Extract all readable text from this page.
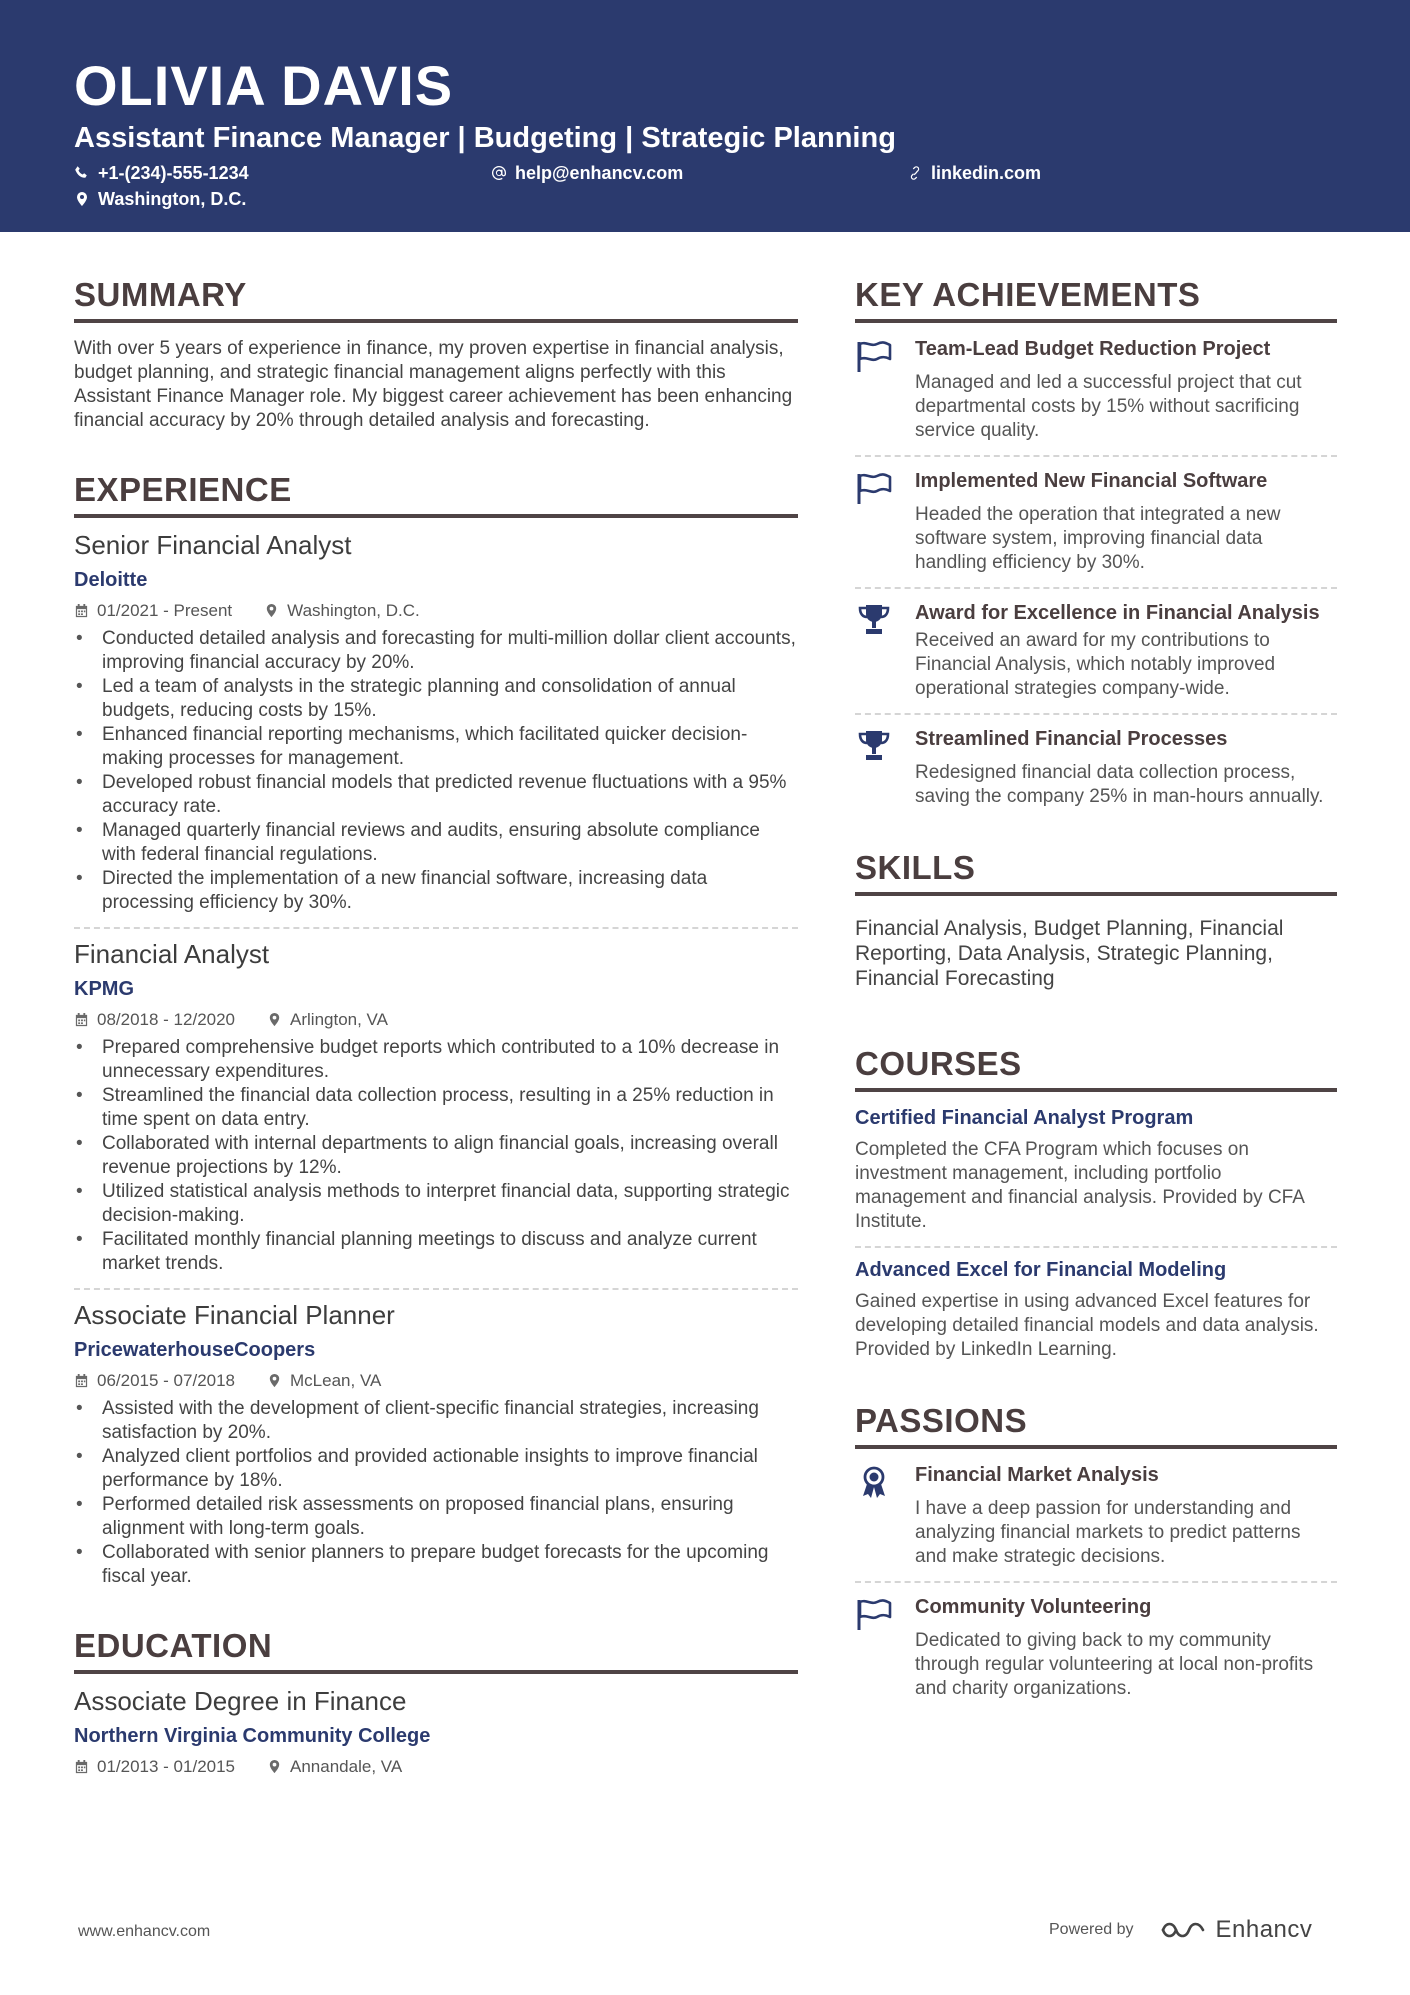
OLIVIA DAVIS
Assistant Finance Manager | Budgeting | Strategic Planning
+1-(234)-555-1234	help@enhancv.com	linkedin.com
Washington, D.C.
SUMMARY

With over 5 years of experience in finance, my proven expertise in financial analysis, budget planning, and strategic financial management aligns perfectly with this Assistant Finance Manager role. My biggest career achievement has been enhancing financial accuracy by 20% through detailed analysis and forecasting.

EXPERIENCE
Senior Financial Analyst
Deloitte
01/2021 - Present	Washington, D.C.
• Conducted detailed analysis and forecasting for multi-million dollar client accounts, improving financial accuracy by 20%.
• Led a team of analysts in the strategic planning and consolidation of annual budgets, reducing costs by 15%.
• Enhanced financial reporting mechanisms, which facilitated quicker decision-making processes for management.
• Developed robust financial models that predicted revenue fluctuations with a 95% accuracy rate.
• Managed quarterly financial reviews and audits, ensuring absolute compliance with federal financial regulations.
• Directed the implementation of a new financial software, increasing data processing efficiency by 30%.
Financial Analyst
KPMG
08/2018 - 12/2020	Arlington, VA
• Prepared comprehensive budget reports which contributed to a 10% decrease in unnecessary expenditures.
• Streamlined the financial data collection process, resulting in a 25% reduction in time spent on data entry.
• Collaborated with internal departments to align financial goals, increasing overall revenue projections by 12%.
• Utilized statistical analysis methods to interpret financial data, supporting strategic decision-making.
• Facilitated monthly financial planning meetings to discuss and analyze current market trends.
Associate Financial Planner
PricewaterhouseCoopers
06/2015 - 07/2018	McLean, VA
• Assisted with the development of client-specific financial strategies, increasing satisfaction by 20%.
• Analyzed client portfolios and provided actionable insights to improve financial performance by 18%.
• Performed detailed risk assessments on proposed financial plans, ensuring alignment with long-term goals.
• Collaborated with senior planners to prepare budget forecasts for the upcoming fiscal year.
EDUCATION
Associate Degree in Finance
Northern Virginia Community College
01/2013 - 01/2015	Annandale, VA
KEY ACHIEVEMENTS
Team-Lead Budget Reduction Project
Managed and led a successful project that cut departmental costs by 15% without sacrificing service quality.
Implemented New Financial Software
Headed the operation that integrated a new software system, improving financial data handling efficiency by 30%.
Award for Excellence in Financial Analysis
Received an award for my contributions to Financial Analysis, which notably improved operational strategies company-wide.
Streamlined Financial Processes
Redesigned financial data collection process, saving the company 25% in man-hours annually.
SKILLS
Financial Analysis, Budget Planning, Financial Reporting, Data Analysis, Strategic Planning, Financial Forecasting
COURSES
Certified Financial Analyst Program
Completed the CFA Program which focuses on investment management, including portfolio management and financial analysis. Provided by CFA Institute.
Advanced Excel for Financial Modeling
Gained expertise in using advanced Excel features for developing detailed financial models and data analysis. Provided by LinkedIn Learning.
PASSIONS
Financial Market Analysis
I have a deep passion for understanding and analyzing financial markets to predict patterns and make strategic decisions.
Community Volunteering
Dedicated to giving back to my community through regular volunteering at local non-profits and charity organizations.
www.enhancv.com	Powered by	Enhancv
